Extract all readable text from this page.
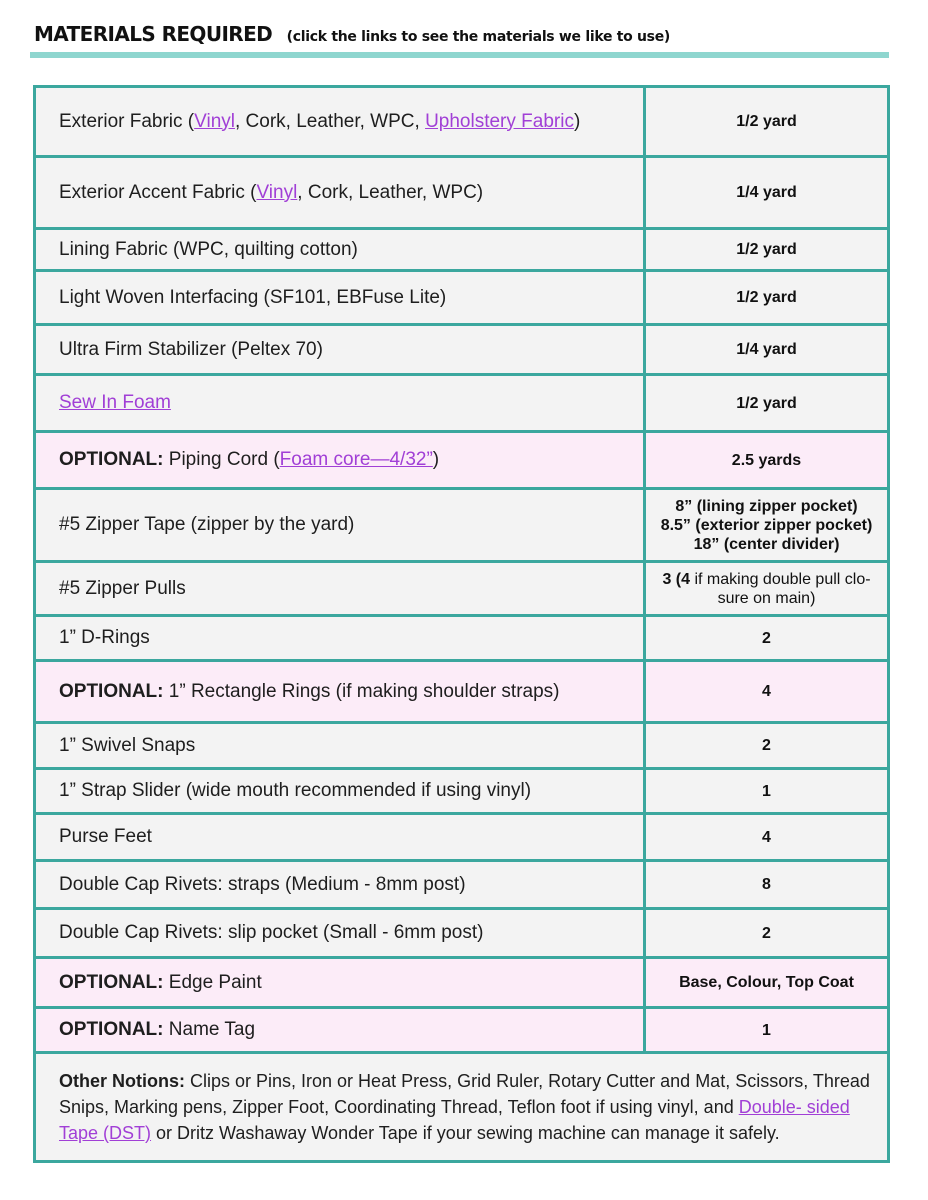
MATERIALS REQUIRED (click the links to see the materials we like to use)
Exterior Fabric (Vinyl, Cork, Leather, WPC, Upholstery Fabric)	1/2 yard
Exterior Accent Fabric (Vinyl, Cork, Leather, WPC)	1/4 yard
Lining Fabric (WPC, quilting cotton)	1/2 yard
Light Woven Interfacing (SF101, EBFuse Lite)	1/2 yard
Ultra Firm Stabilizer (Peltex 70)	1/4 yard
Sew In Foam	1/2 yard
OPTIONAL: Piping Cord (Foam core—4/32”)	2.5 yards
#5 Zipper Tape (zipper by the yard)	8” (lining zipper pocket)
8.5” (exterior zipper pocket)
18” (center divider)

#5 Zipper Pulls	3 (4 if making double pull clo-
sure on main)

1” D-Rings	2
OPTIONAL: 1” Rectangle Rings (if making shoulder straps)	4
1” Swivel Snaps	2
1” Strap Slider (wide mouth recommended if using vinyl)	1
Purse Feet	4
Double Cap Rivets: straps (Medium - 8mm post)	8
Double Cap Rivets: slip pocket (Small - 6mm post)	2
OPTIONAL: Edge Paint	Base, Colour, Top Coat
OPTIONAL: Name Tag	1
Other Notions: Clips or Pins, Iron or Heat Press, Grid Ruler, Rotary Cutter and Mat, Scissors, Thread Snips, Marking pens, Zipper Foot, Coordinating Thread, Teflon foot if using vinyl, and Double- sided Tape (DST) or Dritz Washaway Wonder Tape if your sewing machine can manage it safely.	
